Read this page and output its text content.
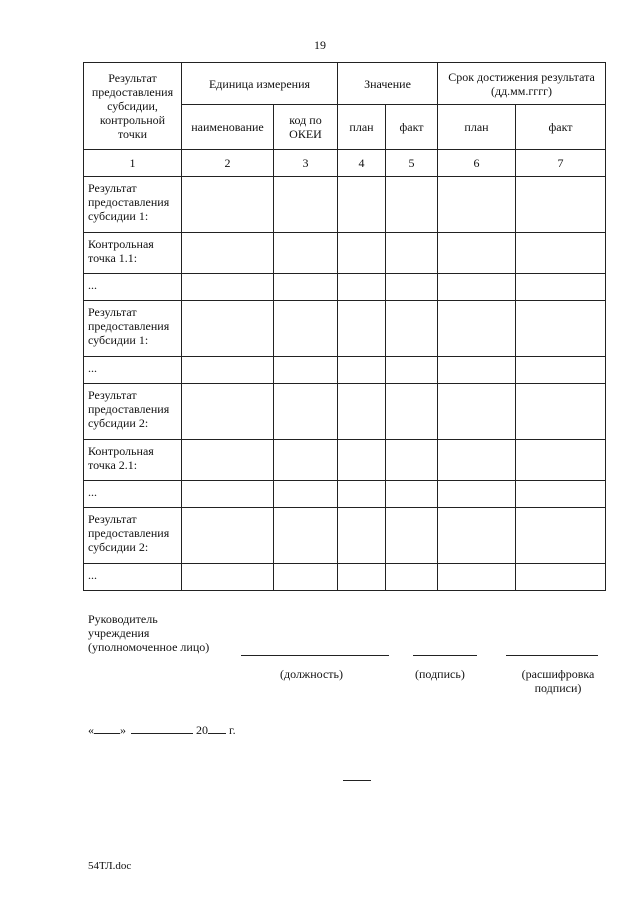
19
Результат предоставления субсидии, контрольной точки	Единица измерения		Значение		Срок достижения результата (дд.мм.гггг)	
	наименование	код по ОКЕИ	план	факт	план	факт
1	2	3	4	5	6	7
Результат предоставления субсидии 1:						
Контрольная точка 1.1:						
...						
Результат предоставления субсидии 1:						
...						
Результат предоставления субсидии 2:						
Контрольная точка 2.1:						
...						
Результат предоставления субсидии 2:						
...						
Руководитель
учреждения
(уполномоченное лицо)
(должность)	(подпись)	(расшифровка
подписи)
« »	20 г.
54ТЛ.doc
